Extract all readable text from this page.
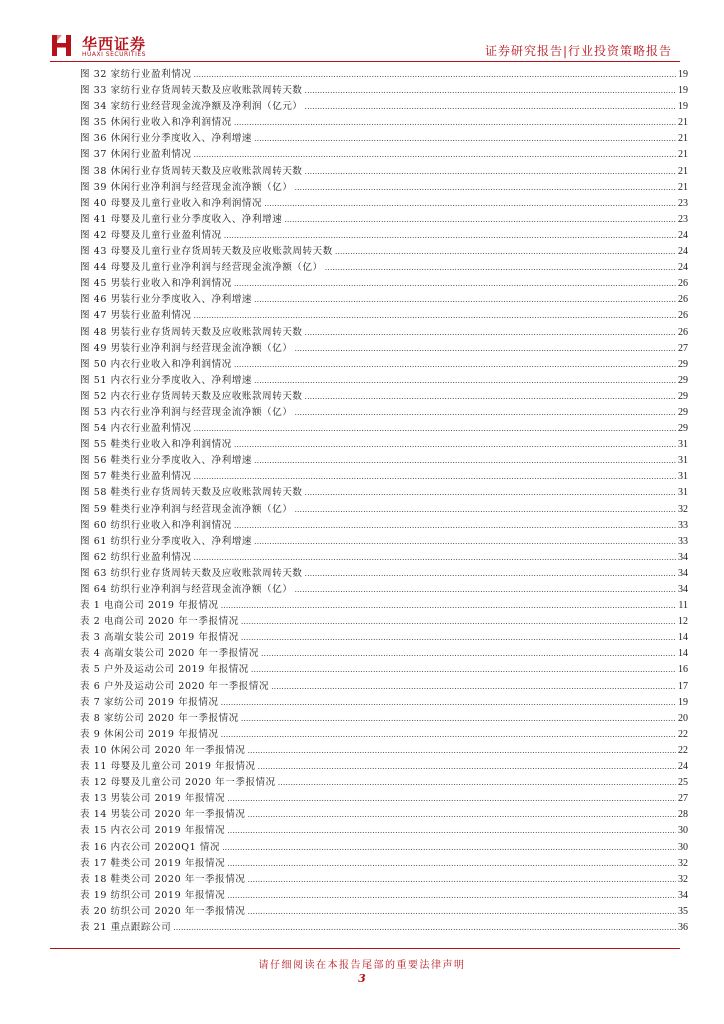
华西证券
HUAXI SECURITIES	证券研究报告|行业投资策略报告
图 32 家纺行业盈利情况 .....	19
图 33 家纺行业存货周转天数及应收账款周转天数 .....	19
图 34 家纺行业经营现金流净额及净利润（亿元） .....	19
图 35 休闲行业收入和净利润情况 .....	21
图 36 休闲行业分季度收入、净利增速 .....	21
图 37 休闲行业盈利情况 .....	21
图 38 休闲行业存货周转天数及应收账款周转天数 .....	21
图 39 休闲行业净利润与经营现金流净额（亿） .....	21
图 40 母婴及儿童行业收入和净利润情况 .....	23
图 41 母婴及儿童行业分季度收入、净利增速 .....	23
图 42 母婴及儿童行业盈利情况 .....	24
图 43 母婴及儿童行业存货周转天数及应收账款周转天数 .....	24
图 44 母婴及儿童行业净利润与经营现金流净额（亿） .....	24
图 45 男装行业收入和净利润情况 .....	26
图 46 男装行业分季度收入、净利增速 .....	26
图 47 男装行业盈利情况 .....	26
图 48 男装行业存货周转天数及应收账款周转天数 .....	26
图 49 男装行业净利润与经营现金流净额（亿） .....	27
图 50 内衣行业收入和净利润情况 .....	29
图 51 内衣行业分季度收入、净利增速 .....	29
图 52 内衣行业存货周转天数及应收账款周转天数 .....	29
图 53 内衣行业净利润与经营现金流净额（亿） .....	29
图 54 内衣行业盈利情况 .....	29
图 55 鞋类行业收入和净利润情况 .....	31
图 56 鞋类行业分季度收入、净利增速 .....	31
图 57 鞋类行业盈利情况 .....	31
图 58 鞋类行业存货周转天数及应收账款周转天数 .....	31
图 59 鞋类行业净利润与经营现金流净额（亿） .....	32
图 60 纺织行业收入和净利润情况 .....	33
图 61 纺织行业分季度收入、净利增速 .....	33
图 62 纺织行业盈利情况 .....	34
图 63 纺织行业存货周转天数及应收账款周转天数 .....	34
图 64 纺织行业净利润与经营现金流净额（亿） .....	34
表 1 电商公司 2019 年报情况 .....	11
表 2 电商公司 2020 年一季报情况 .....	12
表 3 高端女装公司 2019 年报情况 .....	14
表 4 高端女装公司 2020 年一季报情况 .....	14
表 5 户外及运动公司 2019 年报情况 .....	16
表 6 户外及运动公司 2020 年一季报情况 .....	17
表 7 家纺公司 2019 年报情况 .....	19
表 8 家纺公司 2020 年一季报情况 .....	20
表 9 休闲公司 2019 年报情况 .....	22
表 10 休闲公司 2020 年一季报情况 .....	22
表 11 母婴及儿童公司 2019 年报情况 .....	24
表 12 母婴及儿童公司 2020 年一季报情况 .....	25
表 13 男装公司 2019 年报情况 .....	27
表 14 男装公司 2020 年一季报情况 .....	28
表 15 内衣公司 2019 年报情况 .....	30
表 16 内衣公司 2020Q1 情况 .....	30
表 17 鞋类公司 2019 年报情况 .....	32
表 18 鞋类公司 2020 年一季报情况 .....	32
表 19 纺织公司 2019 年报情况 .....	34
表 20 纺织公司 2020 年一季报情况 .....	35
表 21 重点跟踪公司 .....	36
请仔细阅读在本报告尾部的重要法律声明
3
